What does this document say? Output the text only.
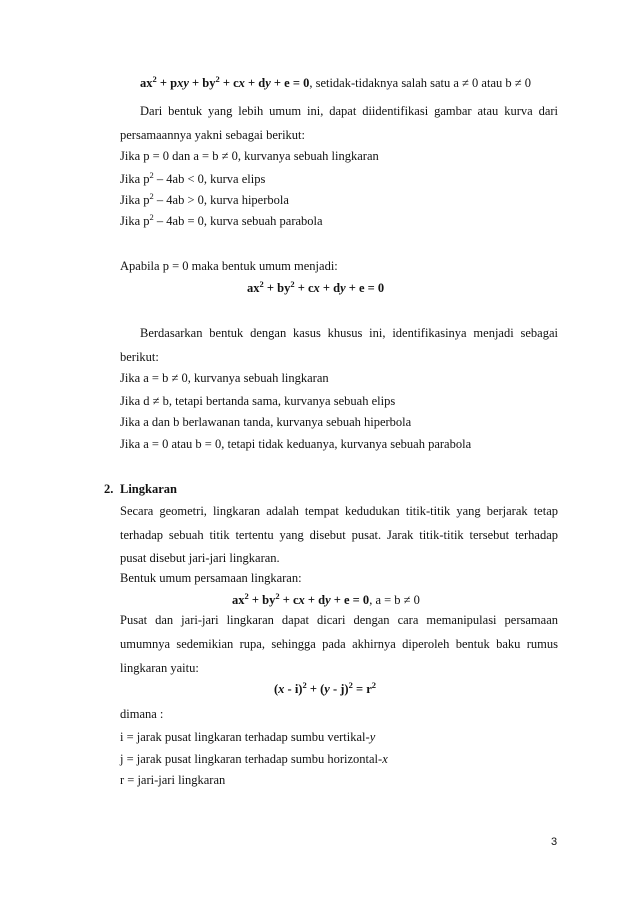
$ax^2$ + pxy + $by^2$ + cx + dy + e = 0, setidak-tidaknya salah satu a ≠ 0 atau b ≠ 0
Dari bentuk yang lebih umum ini, dapat diidentifikasi gambar atau kurva dari
persamaannya yakni sebagai berikut:
Jika p = 0 dan a = b ≠ 0, kurvanya sebuah lingkaran
Jika $p^2 - 4ab < 0$, kurva elips
Jika $p^2 - 4ab > 0$, kurva hiperbola
Jika $p^2 - 4ab = 0$, kurva sebuah parabola
Apabila p = 0 maka bentuk umum menjadi:
$ax^2 + by^2$ + cx + dy + e = 0
Berdasarkan bentuk dengan kasus khusus ini, identifikasinya menjadi sebagai
berikut:
Jika a = b ≠ 0, kurvanya sebuah lingkaran
Jika d ≠ b, tetapi bertanda sama, kurvanya sebuah elips
Jika a dan b berlawanan tanda, kurvanya sebuah hiperbola
Jika a = 0 atau b = 0, tetapi tidak keduanya, kurvanya sebuah parabola
2. Lingkaran
Secara geometri, lingkaran adalah tempat kedudukan titik-titik yang berjarak tetap
terhadap sebuah titik tertentu yang disebut pusat. Jarak titik-titik tersebut terhadap
pusat disebut jari-jari lingkaran.
Bentuk umum persamaan lingkaran:
$ax^2 + by^2$ + cx + dy + e = 0, a = b ≠ 0
Pusat dan jari-jari lingkaran dapat dicari dengan cara memanipulasi persamaan
umumnya sedemikian rupa, sehingga pada akhirnya diperoleh bentuk baku rumus
lingkaran yaitu:
$(x - i)^2 + (y - j)^2 = r^2$
dimana :
i = jarak pusat lingkaran terhadap sumbu vertikal-y
j = jarak pusat lingkaran terhadap sumbu horizontal-x
r = jari-jari lingkaran
3
